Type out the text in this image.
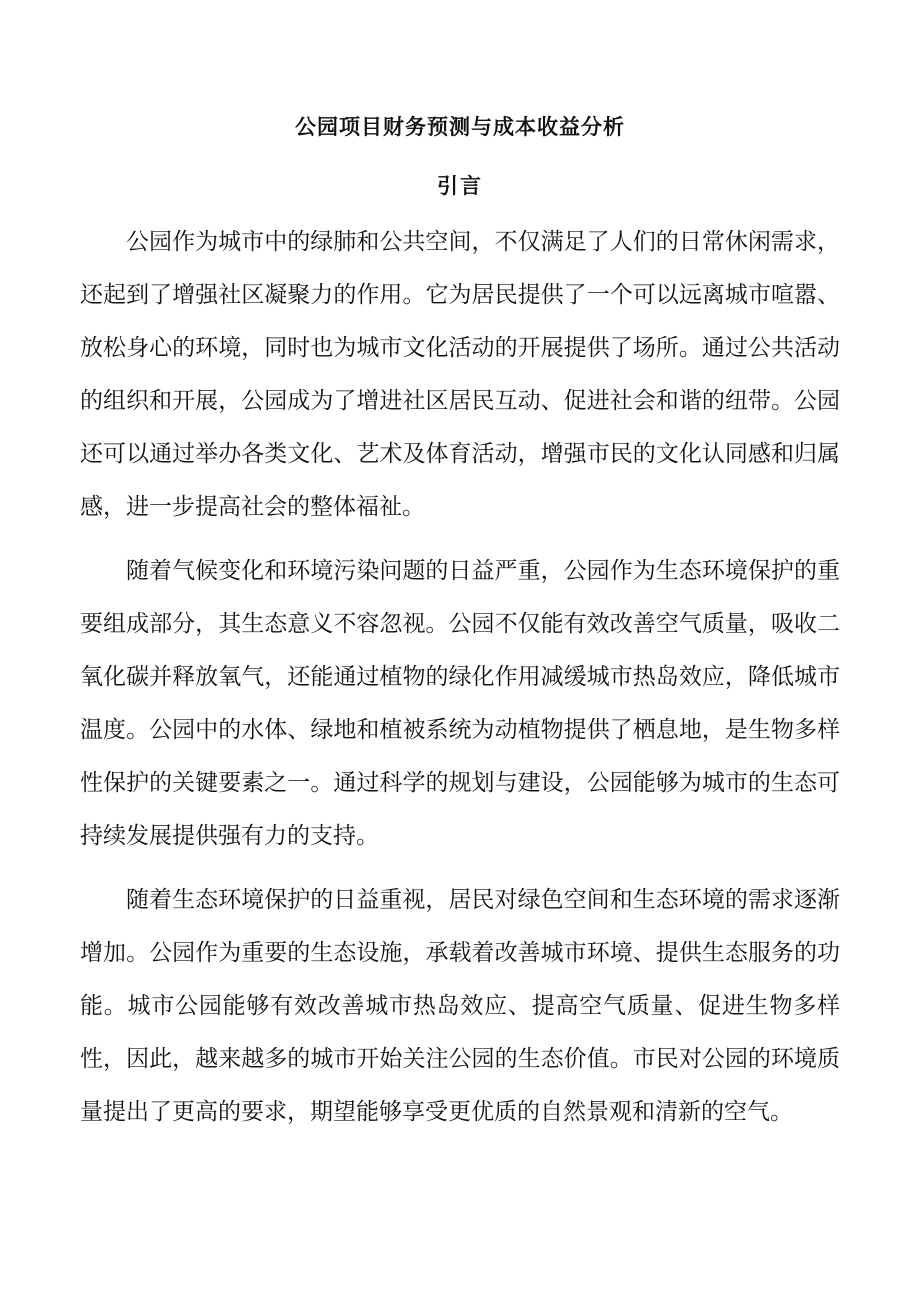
公园项目财务预测与成本收益分析
引言

公园作为城市中的绿肺和公共空间，不仅满足了人们的日常休闲需求，还起到了增强社区凝聚力的作用。它为居民提供了一个可以远离城市喧嚣、放松身心的环境，同时也为城市文化活动的开展提供了场所。通过公共活动的组织和开展，公园成为了增进社区居民互动、促进社会和谐的纽带。公园还可以通过举办各类文化、艺术及体育活动，增强市民的文化认同感和归属感，进一步提高社会的整体福祉。

随着气候变化和环境污染问题的日益严重，公园作为生态环境保护的重要组成部分，其生态意义不容忽视。公园不仅能有效改善空气质量，吸收二氧化碳并释放氧气，还能通过植物的绿化作用减缓城市热岛效应，降低城市温度。公园中的水体、绿地和植被系统为动植物提供了栖息地，是生物多样性保护的关键要素之一。通过科学的规划与建设，公园能够为城市的生态可持续发展提供强有力的支持。

随着生态环境保护的日益重视，居民对绿色空间和生态环境的需求逐渐增加。公园作为重要的生态设施，承载着改善城市环境、提供生态服务的功能。城市公园能够有效改善城市热岛效应、提高空气质量、促进生物多样性，因此，越来越多的城市开始关注公园的生态价值。市民对公园的环境质量提出了更高的要求，期望能够享受更优质的自然景观和清新的空气。
